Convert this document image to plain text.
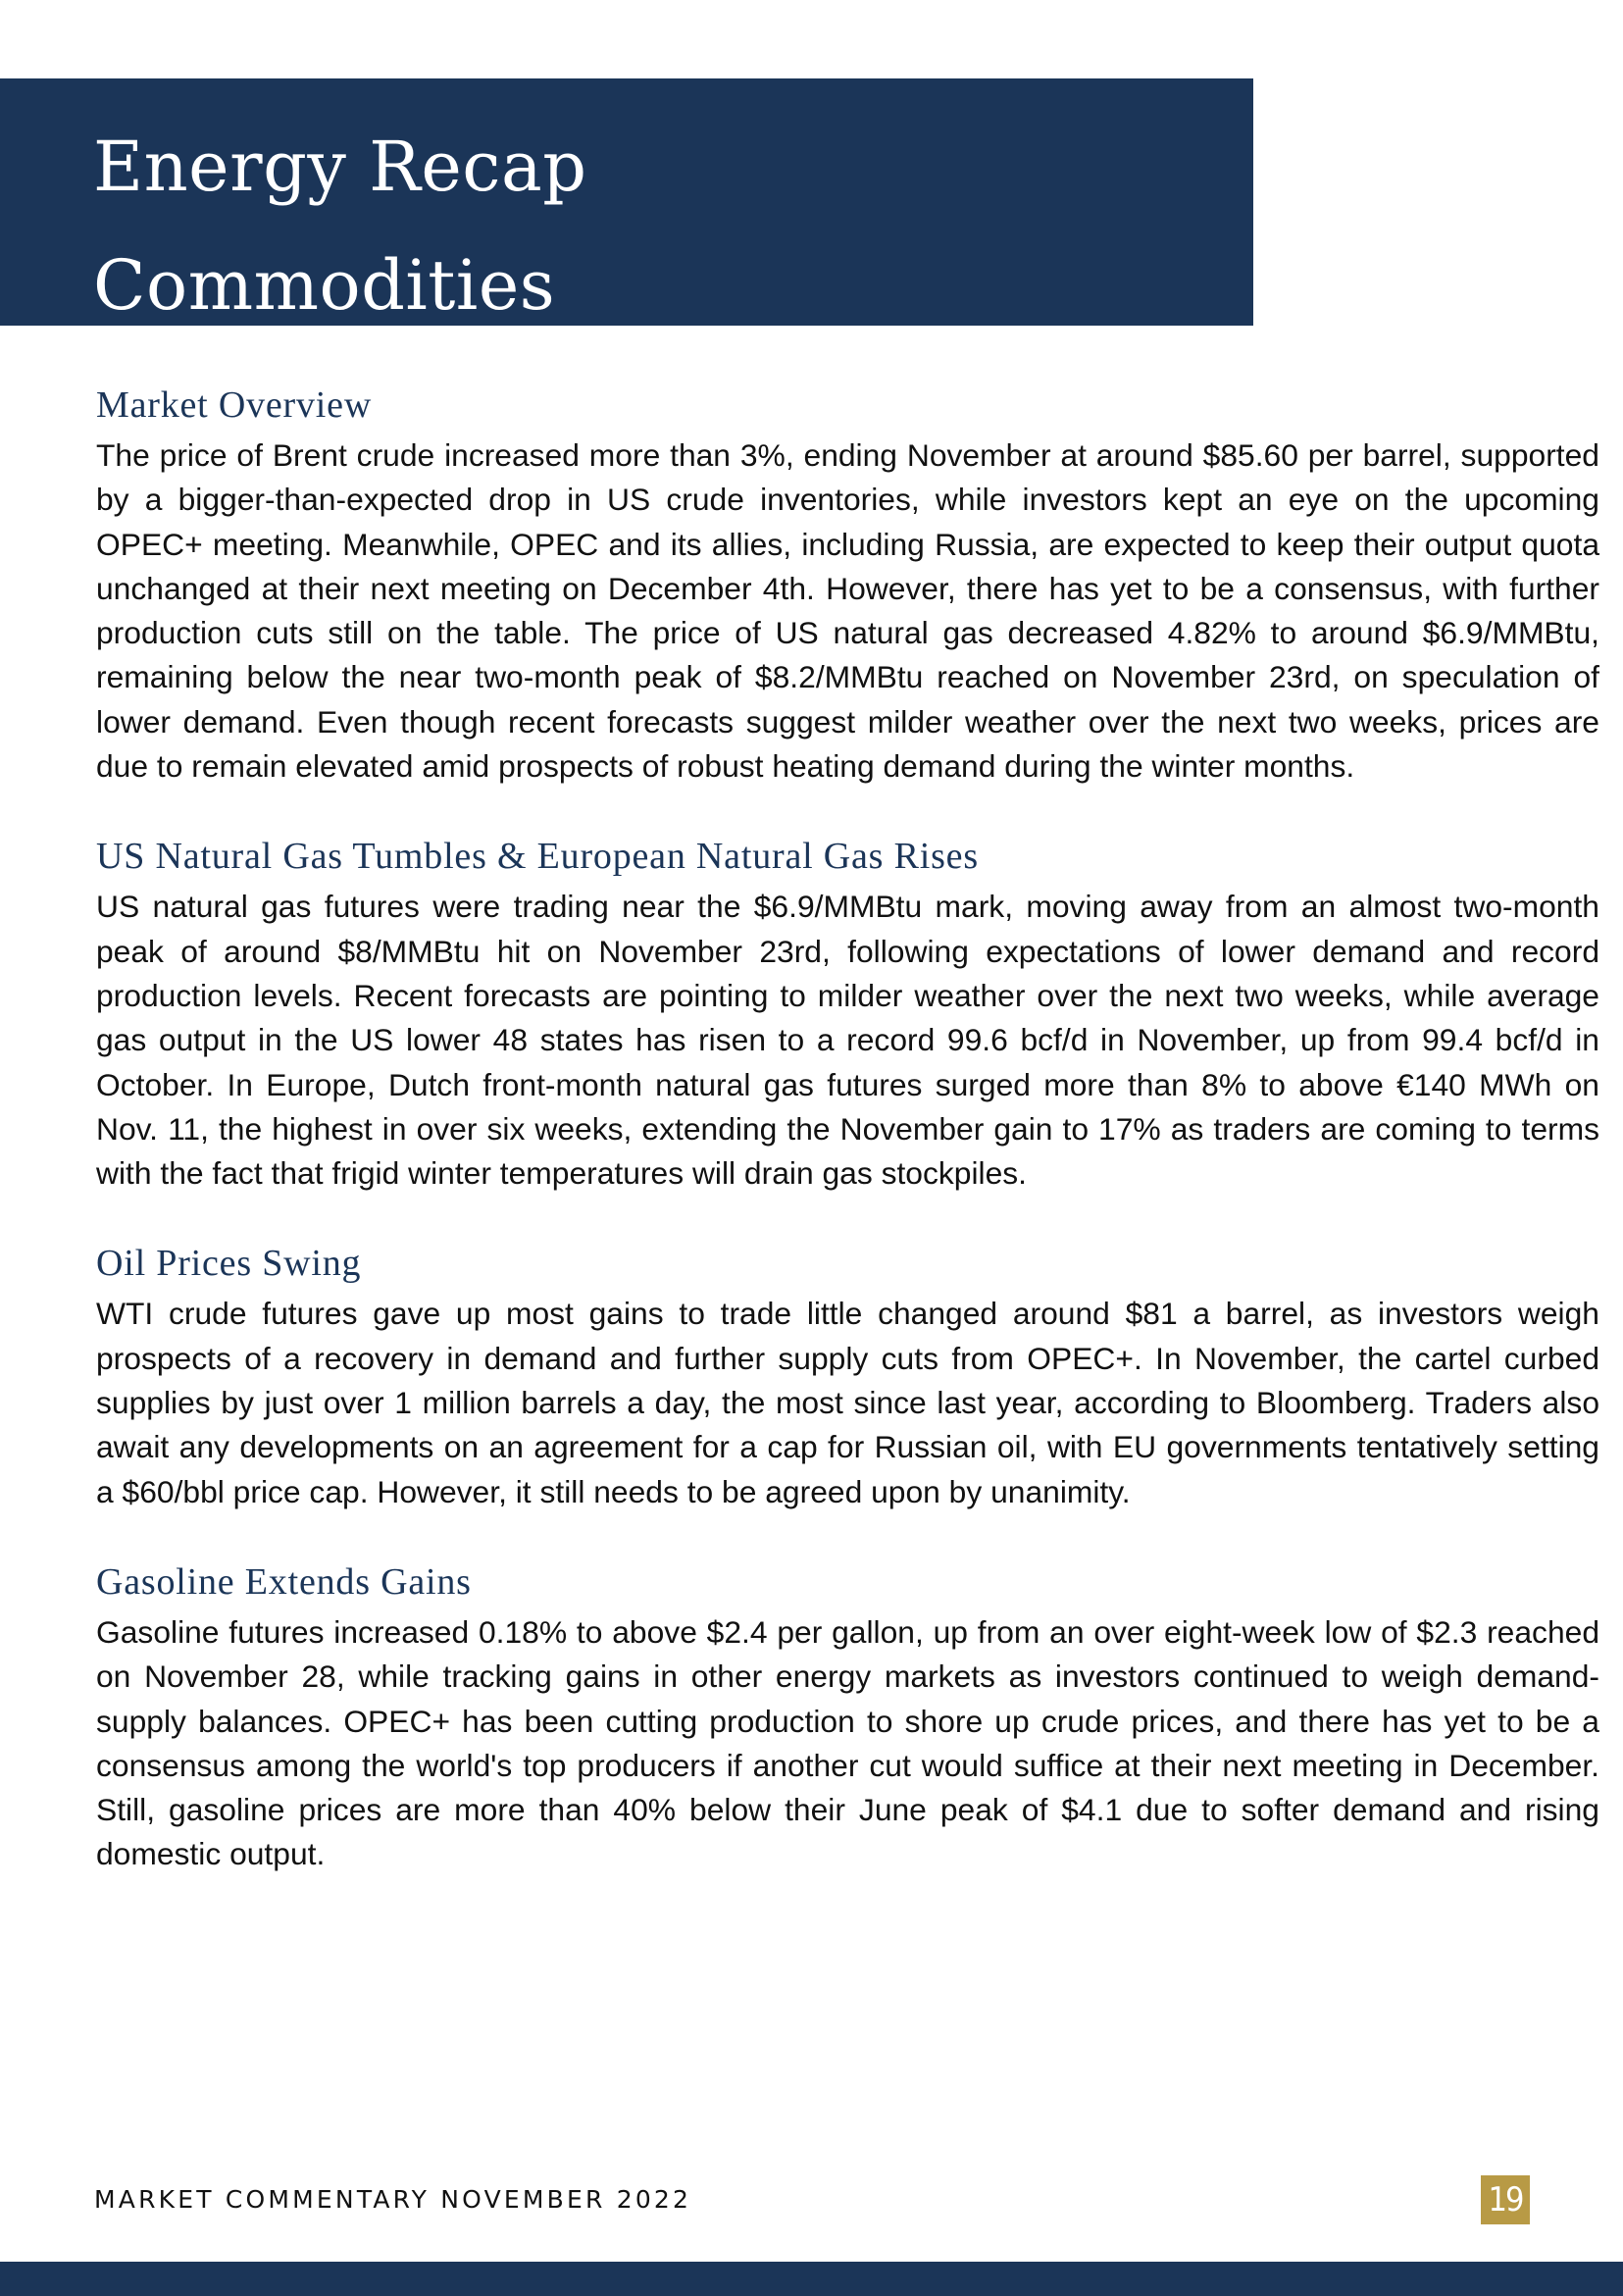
Energy Recap
Commodities
Market Overview

The price of Brent crude increased more than 3%, ending November at around $85.60 per barrel, supported by a bigger-than-expected drop in US crude inventories, while investors kept an eye on the upcoming OPEC+ meeting. Meanwhile, OPEC and its allies, including Russia, are expected to keep their output quota unchanged at their next meeting on December 4th. However, there has yet to be a consensus, with further production cuts still on the table. The price of US natural gas decreased 4.82% to around $6.9/MMBtu, remaining below the near two-month peak of $8.2/MMBtu reached on November 23rd, on speculation of lower demand. Even though recent forecasts suggest milder weather over the next two weeks, prices are due to remain elevated amid prospects of robust heating demand during the winter months.

US Natural Gas Tumbles & European Natural Gas Rises

US natural gas futures were trading near the $6.9/MMBtu mark, moving away from an almost two-month peak of around $8/MMBtu hit on November 23rd, following expectations of lower demand and record production levels. Recent forecasts are pointing to milder weather over the next two weeks, while average gas output in the US lower 48 states has risen to a record 99.6 bcf/d in November, up from 99.4 bcf/d in October. In Europe, Dutch front-month natural gas futures surged more than 8% to above €140 MWh on Nov. 11, the highest in over six weeks, extending the November gain to 17% as traders are coming to terms with the fact that frigid winter temperatures will drain gas stockpiles.

Oil Prices Swing

WTI crude futures gave up most gains to trade little changed around $81 a barrel, as investors weigh prospects of a recovery in demand and further supply cuts from OPEC+. In November, the cartel curbed supplies by just over 1 million barrels a day, the most since last year, according to Bloomberg. Traders also await any developments on an agreement for a cap for Russian oil, with EU governments tentatively setting a $60/bbl price cap. However, it still needs to be agreed upon by unanimity.

Gasoline Extends Gains

Gasoline futures increased 0.18% to above $2.4 per gallon, up from an over eight-week low of $2.3 reached on November 28, while tracking gains in other energy markets as investors continued to weigh demand-supply balances. OPEC+ has been cutting production to shore up crude prices, and there has yet to be a consensus among the world's top producers if another cut would suffice at their next meeting in December. Still, gasoline prices are more than 40% below their June peak of $4.1 due to softer demand and rising domestic output.

MARKET COMMENTARY NOVEMBER 2022	19
